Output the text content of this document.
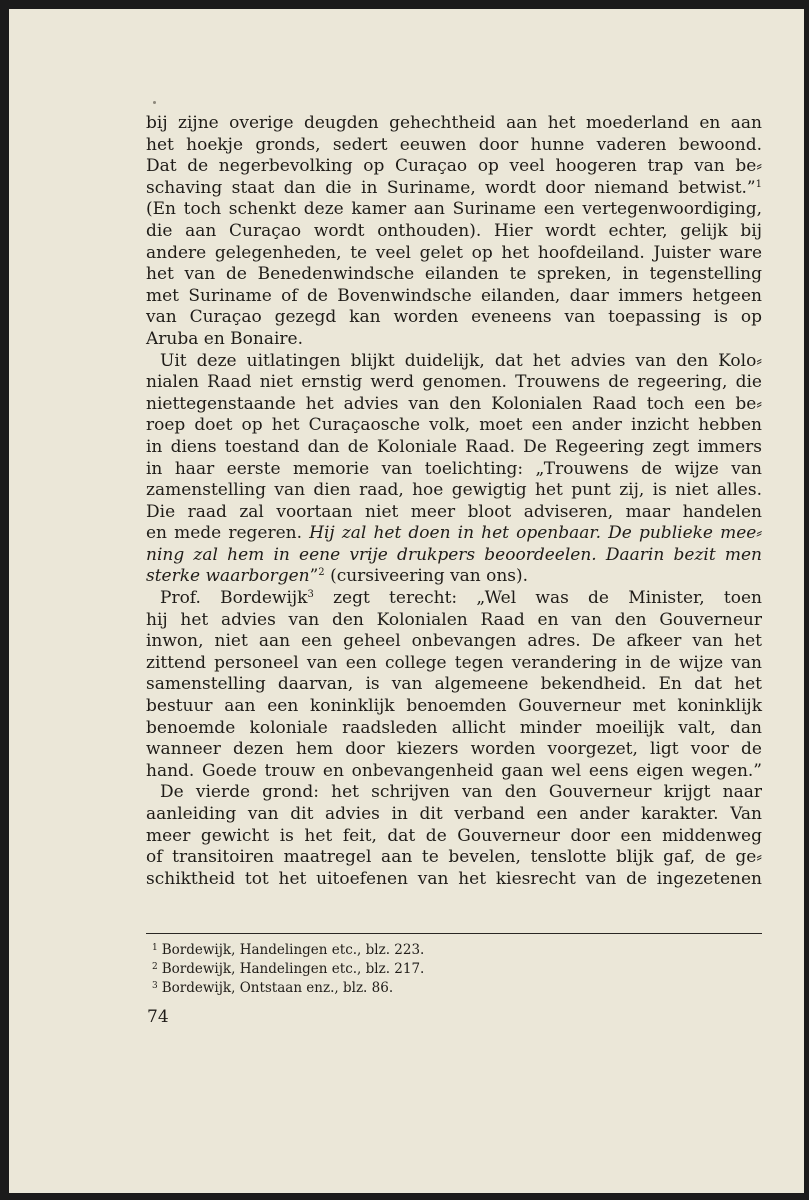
bij zijne overige deugden gehechtheid aan het moederland en aan
het hoekje gronds, sedert eeuwen door hunne vaderen bewoond.
Dat de negerbevolking op Curaçao op veel hoogeren trap van be⸗
schaving staat dan die in Suriname, wordt door niemand betwist.”$^1$
(En toch schenkt deze kamer aan Suriname een vertegenwoordiging,
die aan Curaçao wordt onthouden). Hier wordt echter, gelijk bij
andere gelegenheden, te veel gelet op het hoofdeiland. Juister ware
het van de Benedenwindsche eilanden te spreken, in tegenstelling
met Suriname of de Bovenwindsche eilanden, daar immers hetgeen
van Curaçao gezegd kan worden eveneens van toepassing is op
Aruba en Bonaire.
Uit deze uitlatingen blijkt duidelijk, dat het advies van den Kolo⸗
nialen Raad niet ernstig werd genomen. Trouwens de regeering, die
niettegenstaande het advies van den Kolonialen Raad toch een be⸗
roep doet op het Curaçaosche volk, moet een ander inzicht hebben
in diens toestand dan de Koloniale Raad. De Regeering zegt immers
in haar eerste memorie van toelichting: „Trouwens de wijze van
zamenstelling van dien raad, hoe gewigtig het punt zij, is niet alles.
Die raad zal voortaan niet meer bloot adviseren, maar handelen
en mede regeren. Hij zal het doen in het openbaar. De publieke mee⸗
ning zal hem in eene vrije drukpers beoordeelen. Daarin bezit men
sterke waarborgen”$^2$ (cursiveering van ons).
Prof. Bordewijk$^3$ zegt terecht: „Wel was de Minister, toen
hij het advies van den Kolonialen Raad en van den Gouverneur
inwon, niet aan een geheel onbevangen adres. De afkeer van het
zittend personeel van een college tegen verandering in de wijze van
samenstelling daarvan, is van algemeene bekendheid. En dat het
bestuur aan een koninklijk benoemden Gouverneur met koninklijk
benoemde koloniale raadsleden allicht minder moeilijk valt, dan
wanneer dezen hem door kiezers worden voorgezet, ligt voor de
hand. Goede trouw en onbevangenheid gaan wel eens eigen wegen.”
De vierde grond: het schrijven van den Gouverneur krijgt naar
aanleiding van dit advies in dit verband een ander karakter. Van
meer gewicht is het feit, dat de Gouverneur door een middenweg
of transitoiren maatregel aan te bevelen, tenslotte blijk gaf, de ge⸗
schiktheid tot het uitoefenen van het kiesrecht van de ingezetenen
$^1$ Bordewijk, Handelingen etc., blz. 223.
$^2$ Bordewijk, Handelingen etc., blz. 217.
$^3$ Bordewijk, Ontstaan enz., blz. 86.
74
